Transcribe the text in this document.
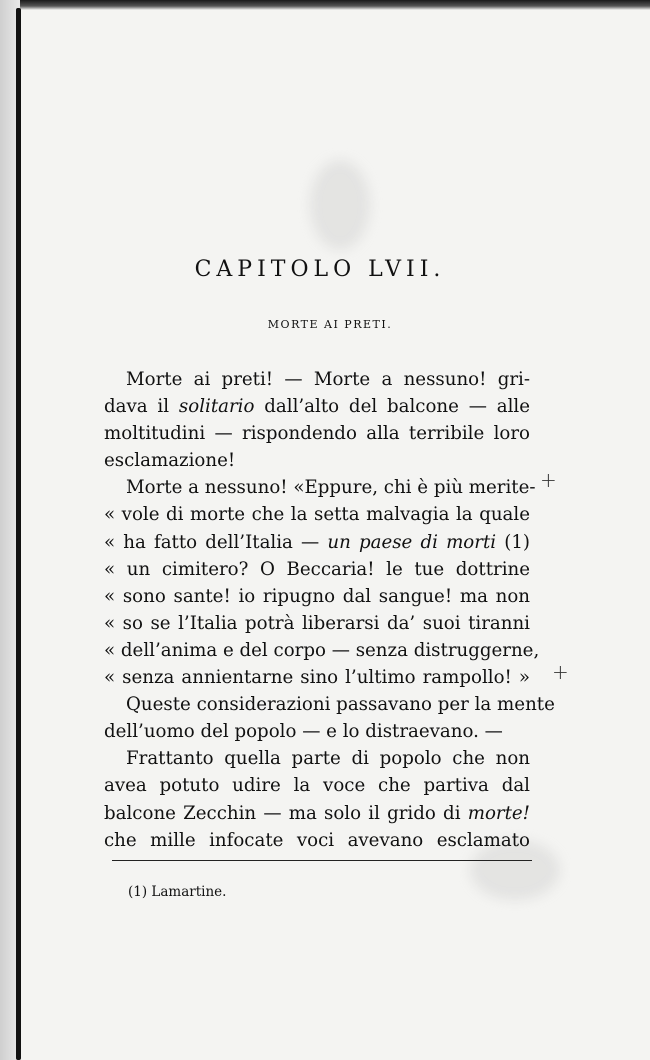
CAPITOLO LVII.
MORTE AI PRETI.
Morte ai preti! — Morte a nessuno! gri-
dava il solitario dall’alto del balcone — alle
moltitudini — rispondendo alla terribile loro
esclamazione!
Morte a nessuno! «Eppure, chi è più merite-
« vole di morte che la setta malvagia la quale
« ha fatto dell’Italia — un paese di morti (1)
« un cimitero? O Beccaria! le tue dottrine
« sono sante! io ripugno dal sangue! ma non
« so se l’Italia potrà liberarsi da’ suoi tiranni
« dell’anima e del corpo — senza distruggerne,
« senza annientarne sino l’ultimo rampollo! »
Queste considerazioni passavano per la mente
dell’uomo del popolo — e lo distraevano. —
Frattanto quella parte di popolo che non
avea potuto udire la voce che partiva dal
balcone Zecchin — ma solo il grido di morte!
che mille infocate voci avevano esclamato
+
+
(1) Lamartine.
